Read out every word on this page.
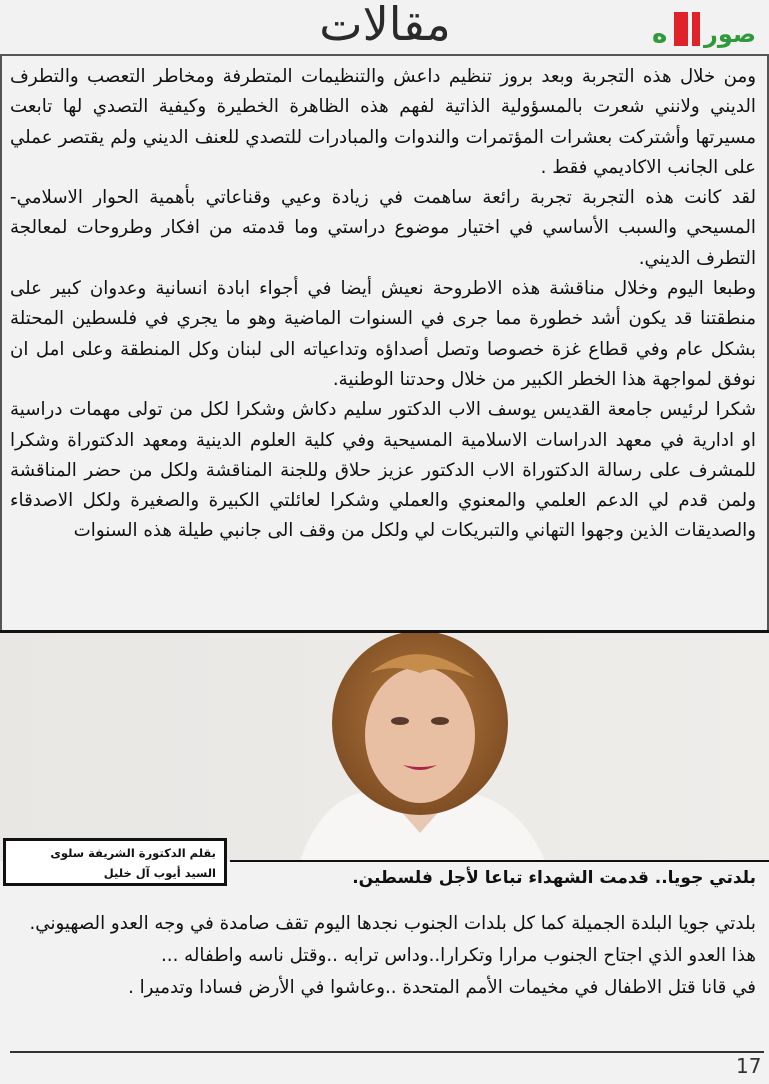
مقالات	ه صور

ومن خلال هذه التجربة وبعد بروز تنظيم داعش والتنظيمات المتطرفة ومخاطر التعصب والتطرف الديني ولانني شعرت بالمسؤولية الذاتية لفهم هذه الظاهرة الخطيرة وكيفية التصدي لها تابعت مسيرتها وأشتركت بعشرات المؤتمرات والندوات والمبادرات للتصدي للعنف الديني ولم يقتصر عملي على الجانب الاكاديمي فقط .

لقد كانت هذه التجربة تجربة رائعة ساهمت في زيادة وعيي وقناعاتي بأهمية الحوار الاسلامي-المسيحي والسبب الأساسي في اختيار موضوع دراستي وما قدمته من افكار وطروحات لمعالجة التطرف الديني.

وطبعا اليوم وخلال مناقشة هذه الاطروحة نعيش أيضا في أجواء ابادة انسانية وعدوان كبير على منطقتنا قد يكون أشد خطورة مما جرى في السنوات الماضية وهو ما يجري في فلسطين المحتلة بشكل عام وفي قطاع غزة خصوصا وتصل أصداؤه وتداعياته الى لبنان وكل المنطقة وعلى امل ان نوفق لمواجهة هذا الخطر الكبير من خلال وحدتنا الوطنية.

شكرا لرئيس جامعة القديس يوسف الاب الدكتور سليم دكاش وشكرا لكل من تولى مهمات دراسية او ادارية في معهد الدراسات الاسلامية المسيحية وفي كلية العلوم الدينية ومعهد الدكتوراة وشكرا للمشرف على رسالة الدكتوراة الاب الدكتور عزيز حلاق وللجنة المناقشة ولكل من حضر المناقشة ولمن قدم لي الدعم العلمي والمعنوي والعملي وشكرا لعائلتي الكبيرة والصغيرة ولكل الاصدقاء والصديقات الذين وجهوا التهاني والتبريكات لي ولكل من وقف الى جانبي طيلة هذه السنوات

بقلم الدكتورة الشريفة سلوى
السيد أيوب آل خليل	بلدتي جويا.. قدمت الشهداء تباعا لأجل فلسطين.

بلدتي جويا البلدة الجميلة كما كل بلدات الجنوب نجدها اليوم تقف صامدة في وجه العدو الصهيوني.

هذا العدو الذي اجتاح الجنوب مرارا وتكرارا..وداس ترابه ..وقتل ناسه واطفاله ...

في قانا قتل الاطفال في مخيمات الأمم المتحدة ..وعاشوا في الأرض فسادا وتدميرا .

17
